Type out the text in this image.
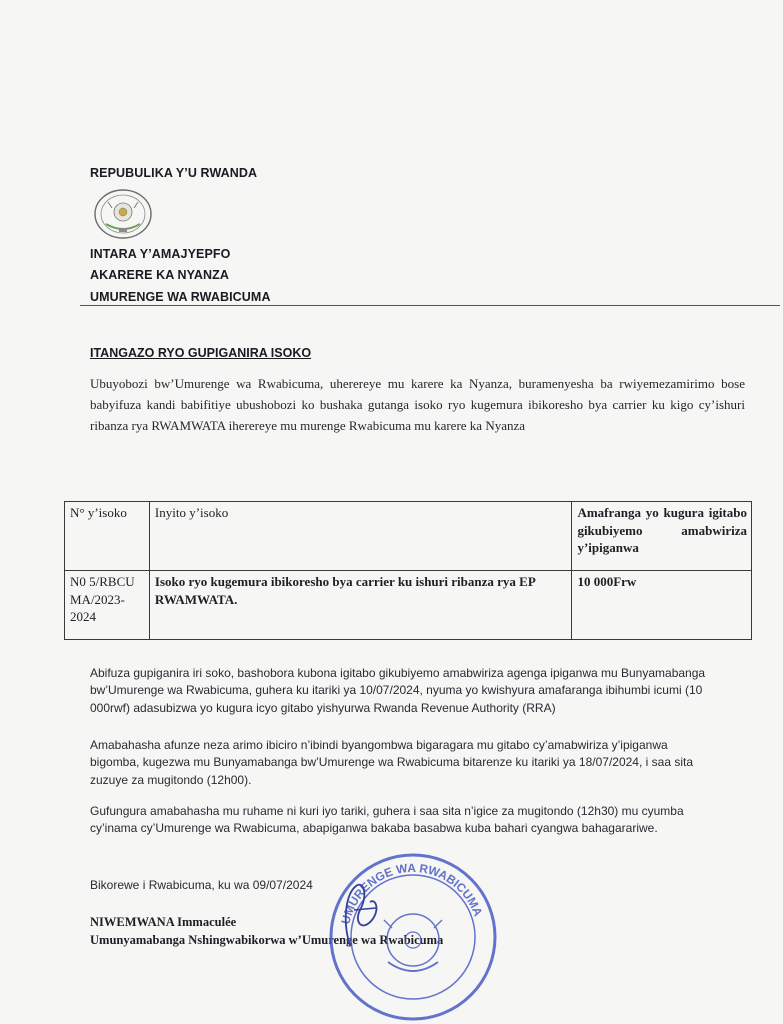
REPUBULIKA Y’U RWANDA
INTARA Y’AMAJYEPFO
AKARERE KA NYANZA
UMURENGE WA RWABICUMA
ITANGAZO RYO GUPIGANIRA ISOKO
Ubuyobozi bw’Umurenge wa Rwabicuma, uherereye mu karere ka Nyanza, buramenyesha ba rwiyemezamirimo bose babyifuza kandi babifitiye ubushobozi ko bushaka gutanga isoko ryo kugemura ibikoresho bya carrier ku kigo cy’ishuri ribanza rya RWAMWATA iherereye mu murenge Rwabicuma mu karere ka Nyanza
N° y’isoko	Inyito y’isoko	Amafranga yo kugura igitabo gikubiyemo amabwiriza y’ipiganwa
N0 5/RBCU MA/2023-2024	Isoko ryo kugemura ibikoresho bya carrier ku ishuri ribanza rya EP RWAMWATA.	10 000Frw
Abifuza gupiganira iri soko, bashobora kubona igitabo gikubiyemo amabwiriza agenga ipiganwa mu Bunyamabanga bw’Umurenge wa Rwabicuma, guhera ku itariki ya 10/07/2024, nyuma yo kwishyura amafaranga ibihumbi icumi (10 000rwf) adasubizwa yo kugura icyo gitabo yishyurwa Rwanda Revenue Authority (RRA)
Amabahasha afunze neza arimo ibiciro n’ibindi byangombwa bigaragara mu gitabo cy’amabwiriza y’ipiganwa bigomba, kugezwa mu Bunyamabanga bw’Umurenge wa Rwabicuma bitarenze ku itariki ya 18/07/2024, i saa sita zuzuye za mugitondo (12h00).
Gufungura amabahasha mu ruhame ni kuri iyo tariki, guhera i saa sita n’igice za mugitondo (12h30) mu cyumba cy’inama cy’Umurenge wa Rwabicuma, abapiganwa bakaba basabwa kuba bahari cyangwa bahagarariwe.
Bikorewe i Rwabicuma, ku wa 09/07/2024
NIWEMWANA Immaculée
Umunyamabanga Nshingwabikorwa w’Umurenge wa Rwabicuma
UMURENGE WA RWABICUMA
